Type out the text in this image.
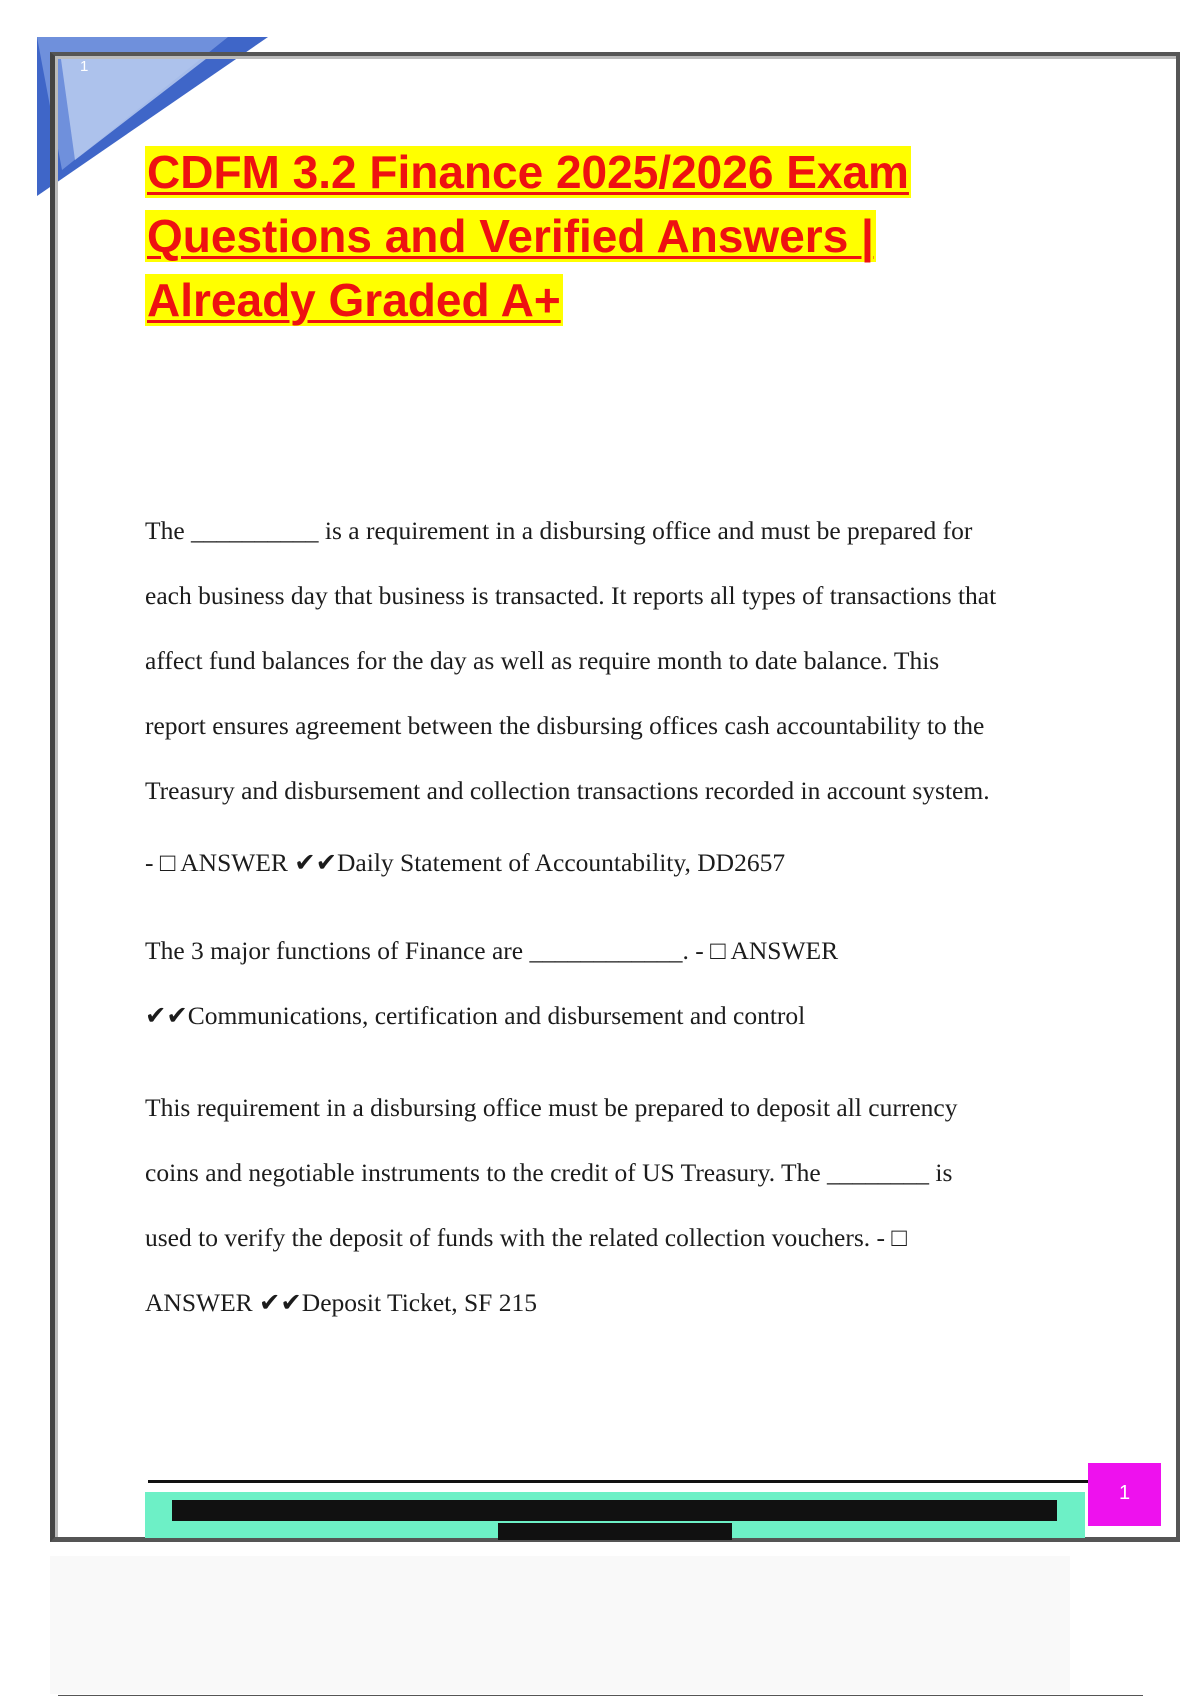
1
CDFM 3.2 Finance 2025/2026 Exam
Questions and Verified Answers |
Already Graded A+
The __________ is a requirement in a disbursing office and must be prepared for
each business day that business is transacted. It reports all types of transactions that
affect fund balances for the day as well as require month to date balance. This
report ensures agreement between the disbursing offices cash accountability to the
Treasury and disbursement and collection transactions recorded in account system.
- □ ANSWER ✔✔Daily Statement of Accountability, DD2657
The 3 major functions of Finance are ____________. - □ ANSWER
✔✔Communications, certification and disbursement and control
This requirement in a disbursing office must be prepared to deposit all currency
coins and negotiable instruments to the credit of US Treasury. The ________ is
used to verify the deposit of funds with the related collection vouchers. - □
ANSWER ✔✔Deposit Ticket, SF 215
1
